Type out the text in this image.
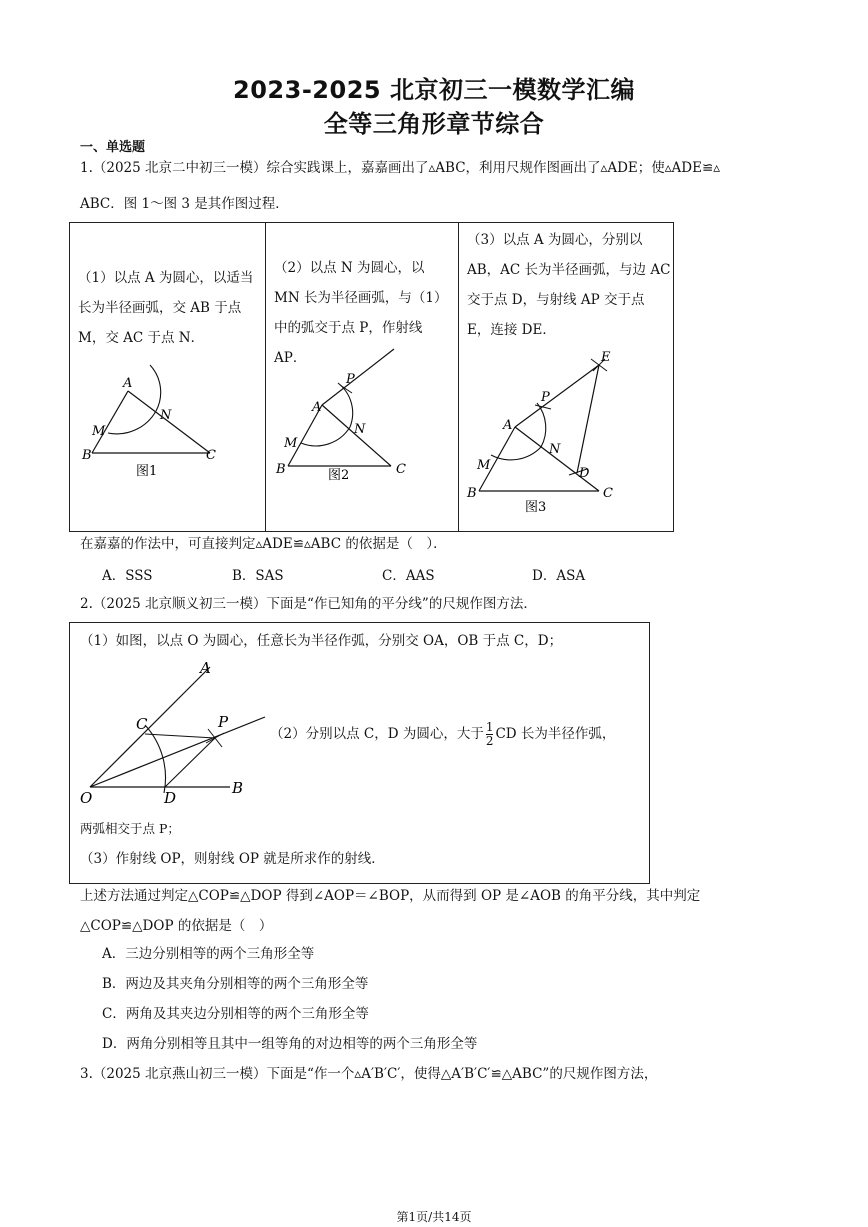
2023-2025 北京初三一模数学汇编
全等三角形章节综合
一、单选题
1.（2025 北京二中初三一模）综合实践课上，嘉嘉画出了▵ABC，利用尺规作图画出了▵ADE；使▵ADE≌▵
ABC．图 1～图 3 是其作图过程．
（1）以点 A 为圆心，以适当长为半径画弧，交 AB 于点 M，交 AC 于点 N．
A
B	C
M
N
图1
（2）以点 N 为圆心，以 MN 长为半径画弧，与（1）中的弧交于点 P，作射线 AP．
A
B	C
M
N
P
图2
（3）以点 A 为圆心，分别以 AB，AC 长为半径画弧，与边 AC 交于点 D，与射线 AP 交于点 E，连接 DE．
A
B	C
D
E
M
N
P
图3
在嘉嘉的作法中，可直接判定▵ADE≌▵ABC 的依据是（　）．
A．SSS	B．SAS	C．AAS	D．ASA
2.（2025 北京顺义初三一模）下面是“作已知角的平分线”的尺规作图方法．
（1）如图，以点 O 为圆心，任意长为半径作弧，分别交 OA，OB 于点 C，D；
A
O
B
C
D
P
（2）分别以点 C，D 为圆心，大于 $\frac{1}{2}$ CD 长为半径作弧，
两弧相交于点 P；
（3）作射线 OP，则射线 OP 就是所求作的射线．
上述方法通过判定△COP≌△DOP 得到∠AOP＝∠BOP，从而得到 OP 是∠AOB 的角平分线，其中判定
△COP≌△DOP 的依据是（　）
A．三边分别相等的两个三角形全等
B．两边及其夹角分别相等的两个三角形全等
C．两角及其夹边分别相等的两个三角形全等
D．两角分别相等且其中一组等角的对边相等的两个三角形全等
3.（2025 北京燕山初三一模）下面是“作一个▵A′B′C′，使得△A′B′C′≌△ABC”的尺规作图方法，
第1页/共14页
